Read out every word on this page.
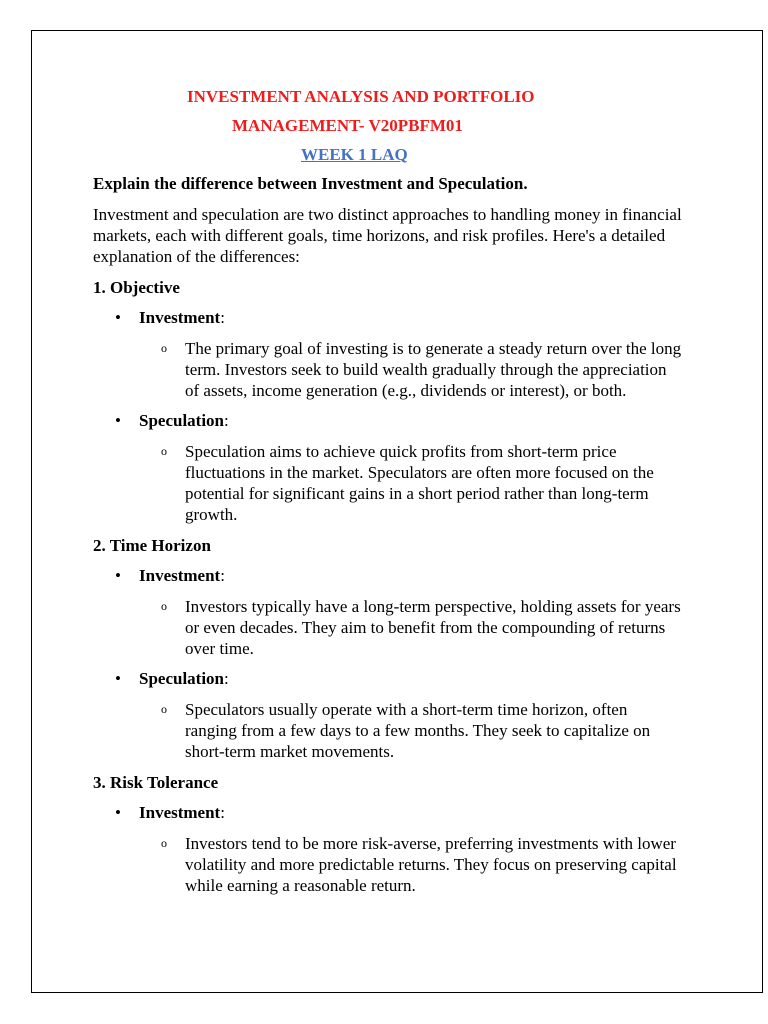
INVESTMENT ANALYSIS AND PORTFOLIO
MANAGEMENT- V20PBFM01
WEEK 1 LAQ
Explain the difference between Investment and Speculation.
Investment and speculation are two distinct approaches to handling money in financial markets, each with different goals, time horizons, and risk profiles. Here's a detailed explanation of the differences:
1. Objective
• Investment:
o The primary goal of investing is to generate a steady return over the long term. Investors seek to build wealth gradually through the appreciation of assets, income generation (e.g., dividends or interest), or both.
• Speculation:
o Speculation aims to achieve quick profits from short-term price fluctuations in the market. Speculators are often more focused on the potential for significant gains in a short period rather than long-term growth.
2. Time Horizon
• Investment:
o Investors typically have a long-term perspective, holding assets for years or even decades. They aim to benefit from the compounding of returns over time.
• Speculation:
o Speculators usually operate with a short-term time horizon, often ranging from a few days to a few months. They seek to capitalize on short-term market movements.
3. Risk Tolerance
• Investment:
o Investors tend to be more risk-averse, preferring investments with lower volatility and more predictable returns. They focus on preserving capital while earning a reasonable return.
